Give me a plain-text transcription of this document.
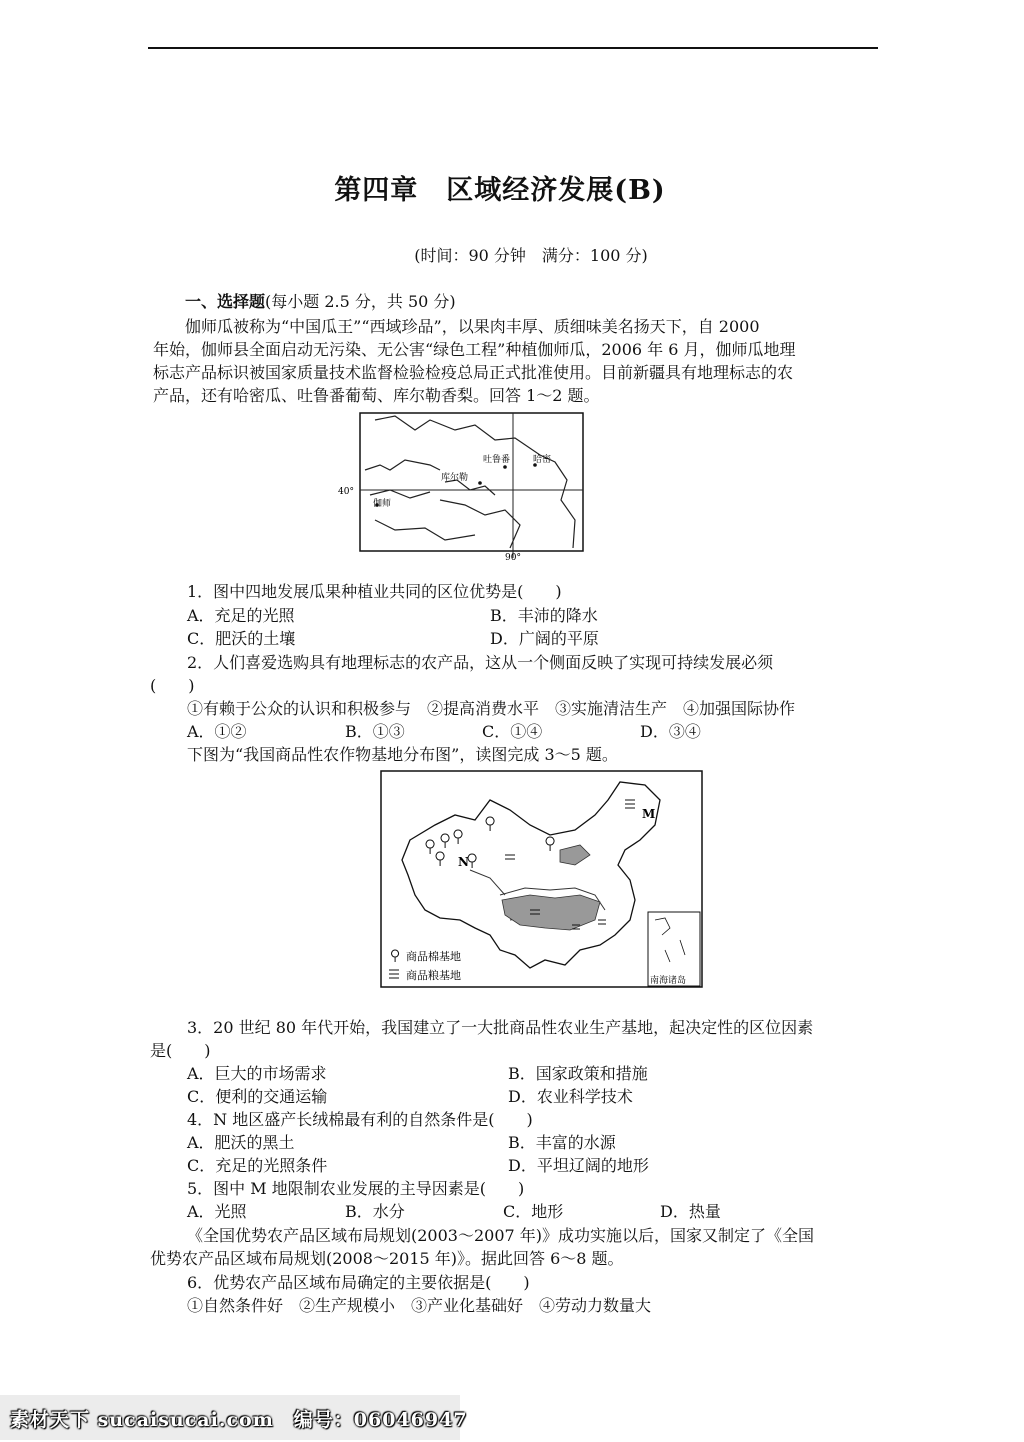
第四章　区域经济发展(B)
(时间：90 分钟　满分：100 分)
一、选择题(每小题 2.5 分，共 50 分)
伽师瓜被称为“中国瓜王”“西域珍品”，以果肉丰厚、质细味美名扬天下，自 2000
年始，伽师县全面启动无污染、无公害“绿色工程”种植伽师瓜，2006 年 6 月，伽师瓜地理
标志产品标识被国家质量技术监督检验检疫总局正式批准使用。目前新疆具有地理标志的农
产品，还有哈密瓜、吐鲁番葡萄、库尔勒香梨。回答 1～2 题。
吐鲁番	哈密
库尔勒
伽师
40°
90°
1．图中四地发展瓜果种植业共同的区位优势是(　　)
A．充足的光照	B．丰沛的降水
C．肥沃的土壤	D．广阔的平原
2．人们喜爱选购具有地理标志的农产品，这从一个侧面反映了实现可持续发展必须
(　　)
①有赖于公众的认识和积极参与　②提高消费水平　③实施清洁生产　④加强国际协作
A．①②	B．①③	C．①④	D．③④
下图为“我国商品性农作物基地分布图”，读图完成 3～5 题。
南海诸岛
M
N
商品棉基地
商品粮基地
3．20 世纪 80 年代开始，我国建立了一大批商品性农业生产基地，起决定性的区位因素
是(　　)
A．巨大的市场需求	B．国家政策和措施
C．便利的交通运输	D．农业科学技术
4．N 地区盛产长绒棉最有利的自然条件是(　　)
A．肥沃的黑土	B．丰富的水源
C．充足的光照条件	D．平坦辽阔的地形
5．图中 M 地限制农业发展的主导因素是(　　)
A．光照	B．水分	C．地形	D．热量
《全国优势农产品区域布局规划(2003～2007 年)》成功实施以后，国家又制定了《全国
优势农产品区域布局规划(2008～2015 年)》。据此回答 6～8 题。
6．优势农产品区域布局确定的主要依据是(　　)
①自然条件好　②生产规模小　③产业化基础好　④劳动力数量大
素材天下 sucaisucai.com　编号：06046947
